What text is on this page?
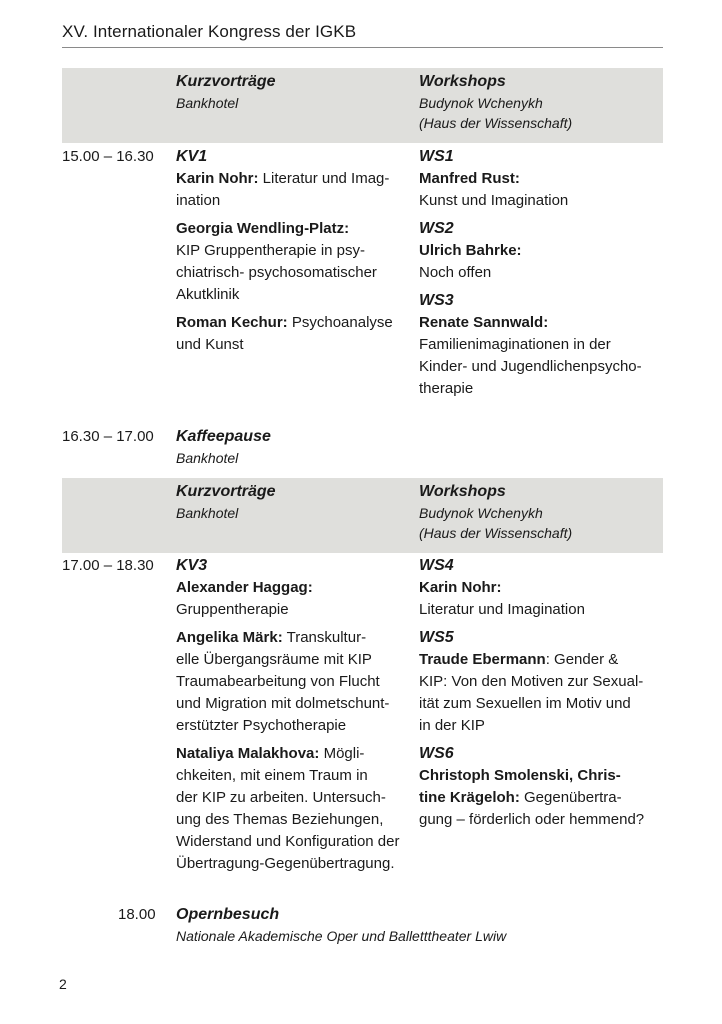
XV. Internationaler Kongress der IGKB
Kurzvorträge
Bankhotel
Workshops
Budynok Wchenykh
(Haus der Wissenschaft)
15.00 – 16.30 KV1
Karin Nohr: Literatur und Imag-
ination
Georgia Wendling-Platz:
KIP Gruppentherapie in psy-
chiatrisch- psychosomatischer
Akutklinik
Roman Kechur: Psychoanalyse
und Kunst
WS1
Manfred Rust:
Kunst und Imagination
WS2
Ulrich Bahrke:
Noch offen
WS3
Renate Sannwald:
Familienimaginationen in der
Kinder- und Jugendlichenpsycho-
therapie
16.30 – 17.00 Kaffeepause
Bankhotel
Kurzvorträge
Bankhotel
Workshops
Budynok Wchenykh
(Haus der Wissenschaft)
17.00 – 18.30 KV3
Alexander Haggag:
Gruppentherapie
Angelika Märk: Transkultur-
elle Übergangsräume mit KIP
Traumabearbeitung von Flucht
und Migration mit dolmetschunt-
erstützter Psychotherapie
Nataliya Malakhova: Mögli-
chkeiten, mit einem Traum in
der KIP zu arbeiten. Untersuch-
ung des Themas Beziehungen,
Widerstand und Konfiguration der
Übertragung-Gegenübertragung.
WS4
Karin Nohr:
Literatur und Imagination
WS5
Traude Ebermann: Gender &
KIP: Von den Motiven zur Sexual-
ität zum Sexuellen im Motiv und
in der KIP
WS6
Christoph Smolenski, Chris-
tine Krägeloh: Gegenübertra-
gung – förderlich oder hemmend?
18.00 Opernbesuch
Nationale Akademische Oper und Balletttheater Lwiw
2
